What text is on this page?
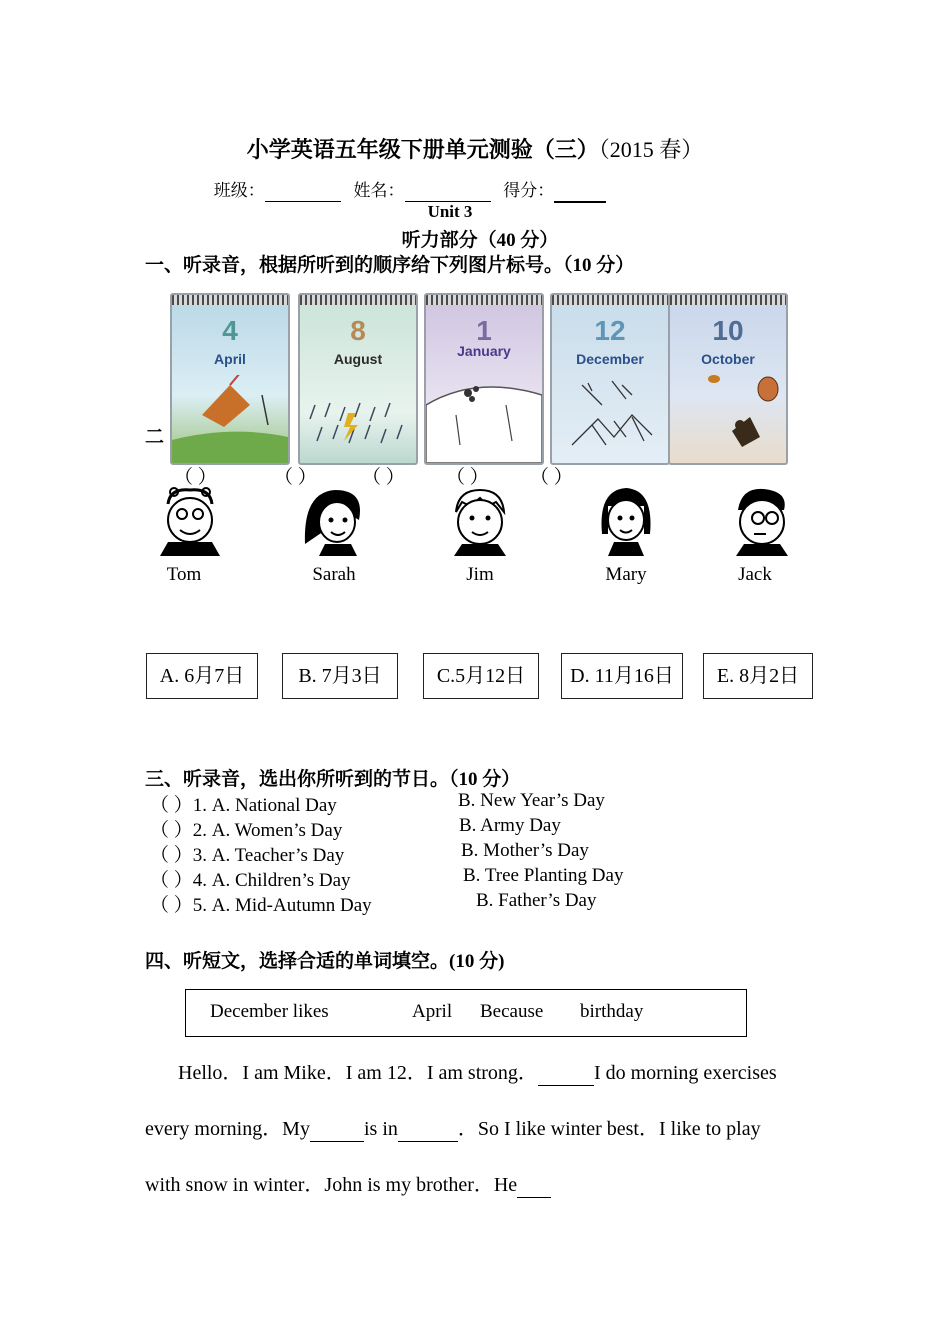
小学英语五年级下册单元测验（三）（2015 春）
班级：	姓名：	得分：
Unit 3
听力部分（40 分）
一、听录音，根据所听到的顺序给下列图片标号。（10 分）
4
April
8
August
1
January
12
December
10
October
二
（ ）	（ ） （ ） （ ） （ ）
Tom	Sarah	Jim	Mary	Jack
A. 6月7日	B. 7月3日	C.5月12日	D. 11月16日	E. 8月2日
三、听录音，选出你所听到的节日。（10 分）
（ ）1. A. National Day	B. New Year’s Day
（ ）2. A. Women’s Day	B. Army Day
（ ）3. A. Teacher’s Day	B. Mother’s Day
（ ）4. A. Children’s Day	B. Tree Planting Day
（ ）5. A. Mid-Autumn Day	B. Father’s Day
四、听短文，选择合适的单词填空。(10 分)
December likes	April Because birthday
Hello．I am Mike．I am 12．I am strong．	I do morning exercises
every morning．My	is in	．So I like winter best．I like to play
with snow in winter．John is my brother．He
